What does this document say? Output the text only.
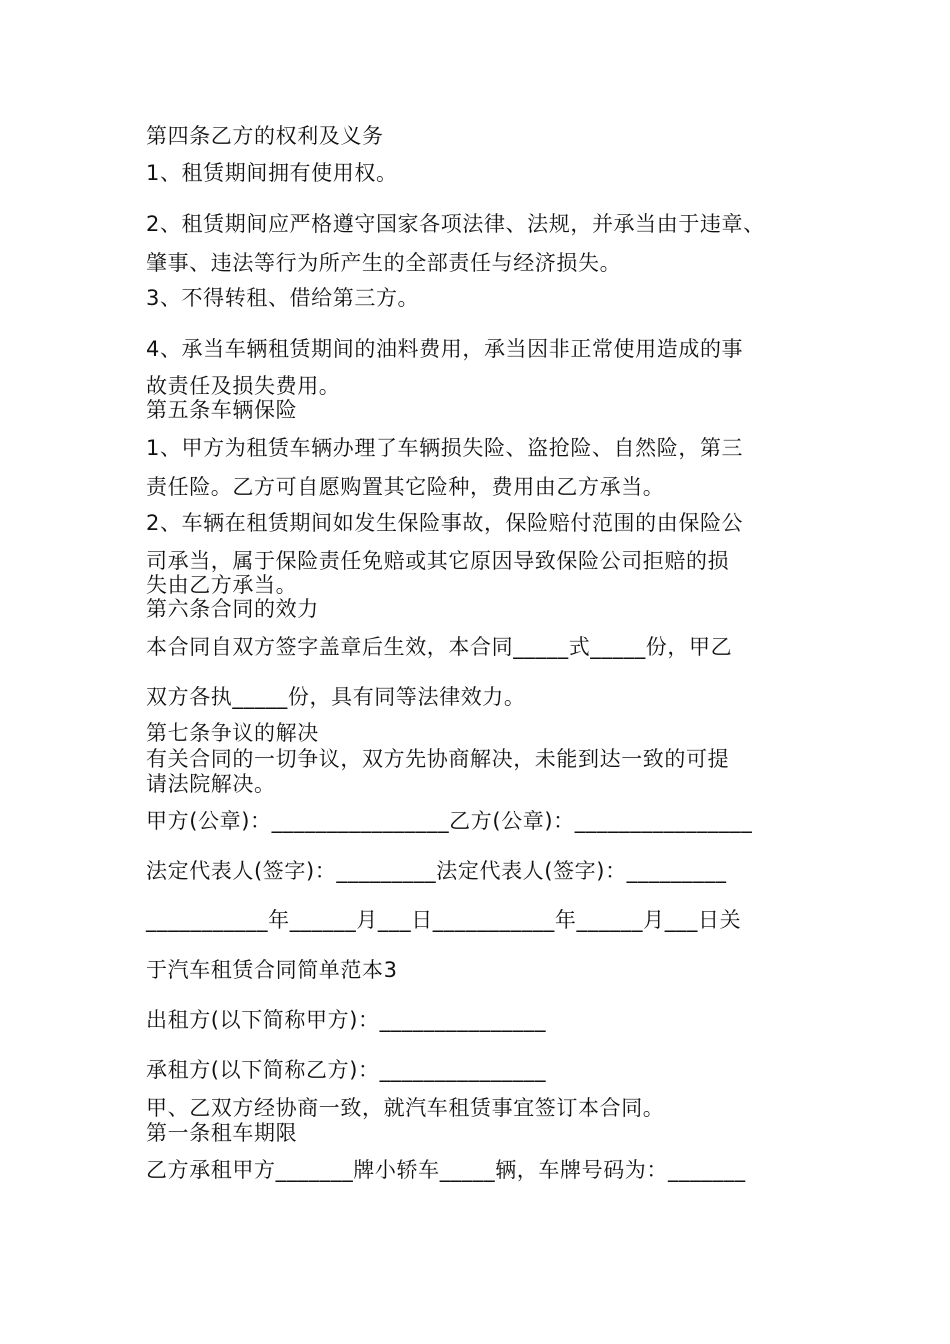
第四条乙方的权利及义务
1、租赁期间拥有使用权。
2、租赁期间应严格遵守国家各项法律、法规，并承当由于违章、
肇事、违法等行为所产生的全部责任与经济损失。
3、不得转租、借给第三方。
4、承当车辆租赁期间的油料费用，承当因非正常使用造成的事
故责任及损失费用。
第五条车辆保险
1、甲方为租赁车辆办理了车辆损失险、盗抢险、自然险，第三
责任险。乙方可自愿购置其它险种，费用由乙方承当。
2、车辆在租赁期间如发生保险事故，保险赔付范围的由保险公
司承当，属于保险责任免赔或其它原因导致保险公司拒赔的损
失由乙方承当。
第六条合同的效力
本合同自双方签字盖章后生效，本合同_____式_____份，甲乙
双方各执_____份，具有同等法律效力。
第七条争议的解决
有关合同的一切争议，双方先协商解决，未能到达一致的可提
请法院解决。
甲方(公章)：________________乙方(公章)：________________
法定代表人(签字)：_________法定代表人(签字)：_________
___________年______月___日___________年______月___日关
于汽车租赁合同简单范本3
出租方(以下简称甲方)：_______________
承租方(以下简称乙方)：_______________
甲、乙双方经协商一致，就汽车租赁事宜签订本合同。
第一条租车期限
乙方承租甲方_______牌小轿车_____辆，车牌号码为：_______
